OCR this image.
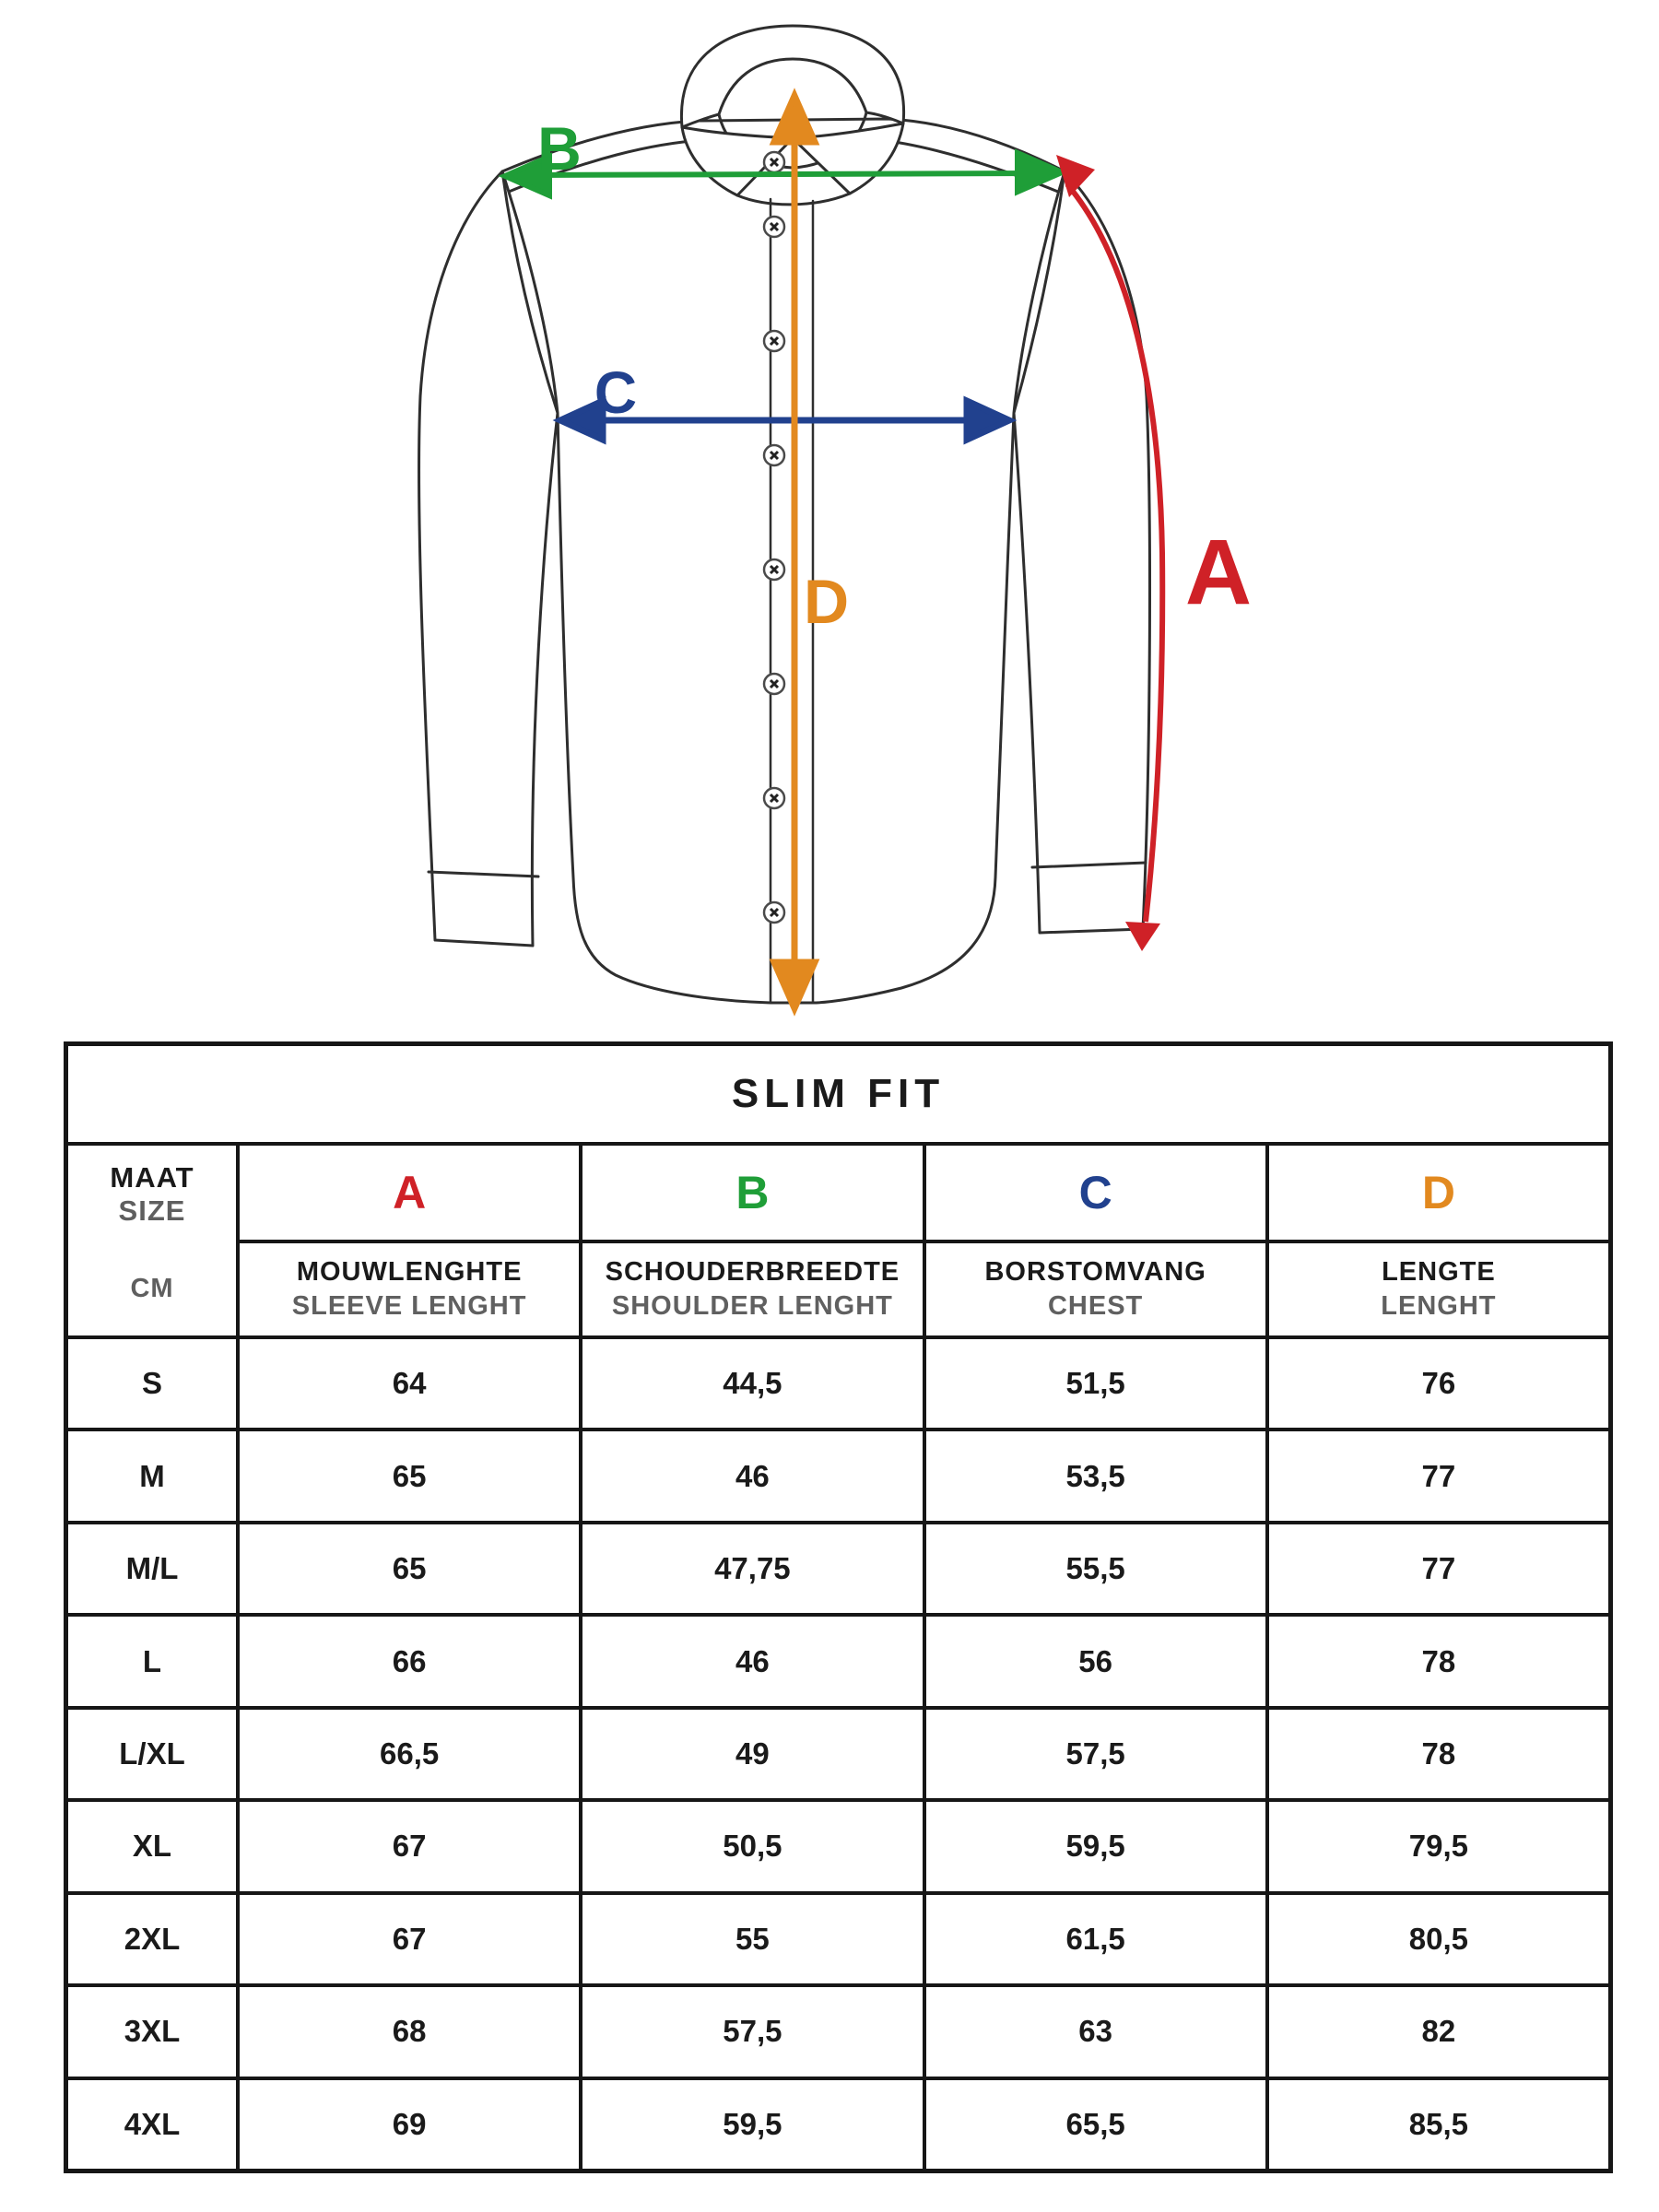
B
C
D	A
SLIM FIT
MAAT
SIZE
CM
A	B	C	D
MOUWLENGHTE
SLEEVE LENGHT
SCHOUDERBREEDTE
SHOULDER LENGHT
BORSTOMVANG
CHEST
LENGTE
LENGHT
S	64	44,5	51,5	76
M	65	46	53,5	77
M/L	65	47,75	55,5	77
L	66	46	56	78
L/XL	66,5	49	57,5	78
XL	67	50,5	59,5	79,5
2XL	67	55	61,5	80,5
3XL	68	57,5	63	82
4XL	69	59,5	65,5	85,5
